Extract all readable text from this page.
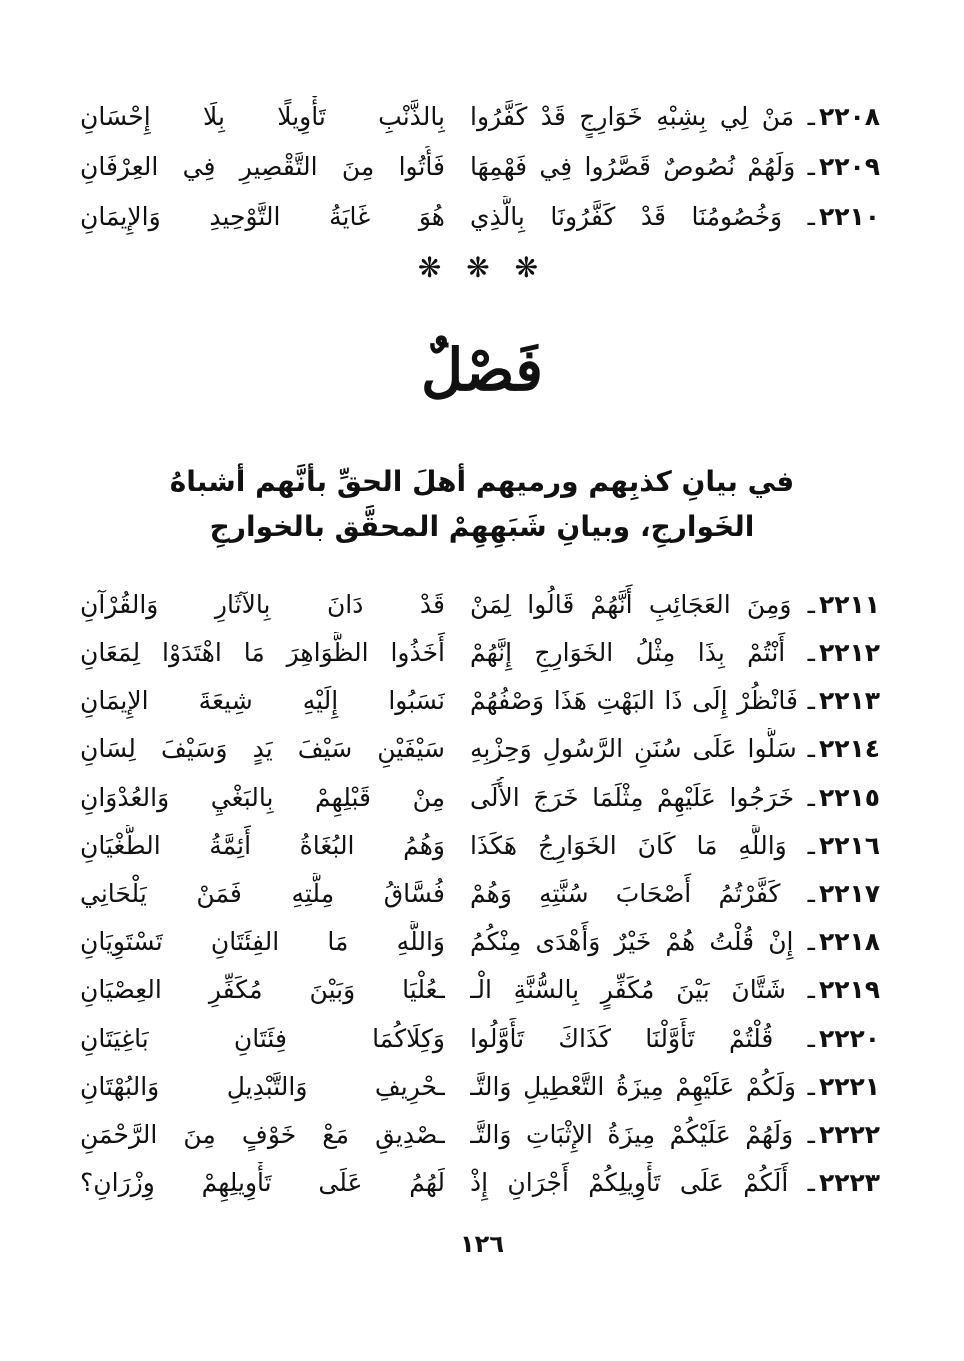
٢٢٠٨ـ مَنْ لِي بِشِبْهِ خَوَارِجٍ قَدْ كَفَّرُوا
بِالذَّنْبِ تَأْوِيلًا بِلَا إِحْسَانِ
٢٢٠٩ـ وَلَهُمْ نُصُوصٌ قَصَّرُوا فِي فَهْمِهَا
فَأُتُوا مِنَ التَّقْصِيرِ فِي العِرْفَانِ
٢٢١٠ـ وَخُصُومُنَا قَدْ كَفَّرُونَا بِالَّذِي
هُوَ غَايَةُ التَّوْحِيدِ وَالإِيمَانِ
❋ ❋ ❋
فَصْلٌ
في بيانِ كذبِهم ورميهم أهلَ الحقِّ بأنَّهم أشباهُ
الخَوارجِ، وبيانِ شَبَهِهِمْ المحقَّق بالخوارجِ
٢٢١١ـ وَمِنَ العَجَائِبِ أَنَّهُمْ قَالُوا لِمَنْ
قَدْ دَانَ بِالآثَارِ وَالقُرْآنِ
٢٢١٢ـ أَنْتُمْ بِذَا مِثْلُ الخَوَارِجِ إِنَّهُمْ
أَخَذُوا الظَّوَاهِرَ مَا اهْتَدَوْا لِمَعَانِ
٢٢١٣ـ فَانْظُرْ إِلَى ذَا البَهْتِ هَذَا وَصْفُهُمْ
نَسَبُوا إِلَيْهِ شِيعَةَ الإِيمَانِ
٢٢١٤ـ سَلُّوا عَلَى سُنَنِ الرَّسُولِ وَحِزْبِهِ
سَيْفَيْنِ سَيْفَ يَدٍ وَسَيْفَ لِسَانِ
٢٢١٥ـ خَرَجُوا عَلَيْهِمْ مِثْلَمَا خَرَجَ الأُلَى
مِنْ قَبْلِهِمْ بِالبَغْيِ وَالعُدْوَانِ
٢٢١٦ـ وَاللَّهِ مَا كَانَ الخَوَارِجُ هَكَذَا
وَهُمُ البُغَاةُ أَئِمَّةُ الطُّغْيَانِ
٢٢١٧ـ كَفَّرْتُمُ أَصْحَابَ سُنَّتِهِ وَهُمْ
فُسَّاقُ مِلَّتِهِ فَمَنْ يَلْحَانِي
٢٢١٨ـ إِنْ قُلْتُ هُمْ خَيْرٌ وَأَهْدَى مِنْكُمُ
وَاللَّهِ مَا الفِئَتَانِ تَسْتَوِيَانِ
٢٢١٩ـ شَتَّانَ بَيْنَ مُكَفِّرٍ بِالسُّنَّةِ الْـ
ـعُلْيَا وَبَيْنَ مُكَفِّرِ العِصْيَانِ
٢٢٢٠ـ قُلْتُمْ تَأَوَّلْنَا كَذَاكَ تَأَوَّلُوا
وَكِلَاكُمَا فِئَتَانِ بَاغِيَتَانِ
٢٢٢١ـ وَلَكُمْ عَلَيْهِمْ مِيزَةُ التَّعْطِيلِ وَالتَّـ
ـحْرِيفِ وَالتَّبْدِيلِ وَالبُهْتَانِ
٢٢٢٢ـ وَلَهُمْ عَلَيْكُمْ مِيزَةُ الإِثْبَاتِ وَالتَّـ
ـصْدِيقِ مَعْ خَوْفٍ مِنَ الرَّحْمَنِ
٢٢٢٣ـ أَلَكُمْ عَلَى تَأْوِيلِكُمْ أَجْرَانِ إِذْ
لَهُمُ عَلَى تَأْوِيلِهِمْ وِزْرَانِ؟
١٢٦
